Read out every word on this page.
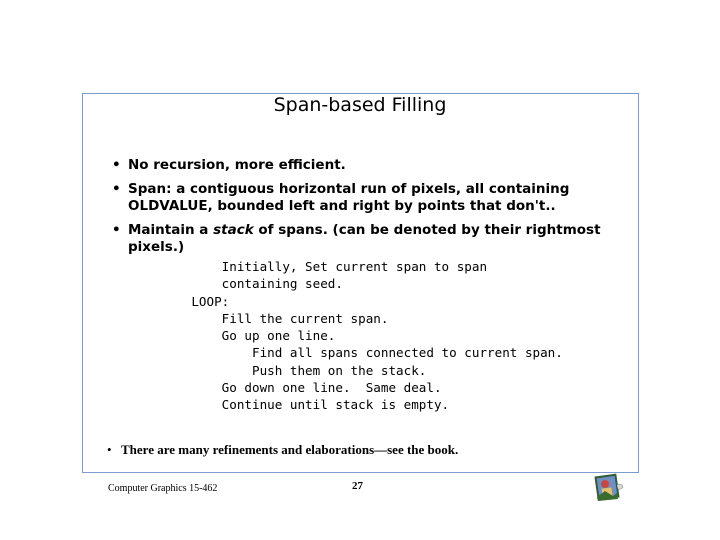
Span-based Filling
• No recursion, more efficient.
• Span: a contiguous horizontal run of pixels, all containing
OLDVALUE, bounded left and right by points that don't..
• Maintain a stack of spans. (can be denoted by their rightmost
pixels.)
Initially, Set current span to span
containing seed.
LOOP:
Fill the current span.
Go up one line.
Find all spans connected to current span.
Push them on the stack.
Go down one line.  Same deal.
Continue until stack is empty.
• There are many refinements and elaborations—see the book.
Computer Graphics 15-462	27
